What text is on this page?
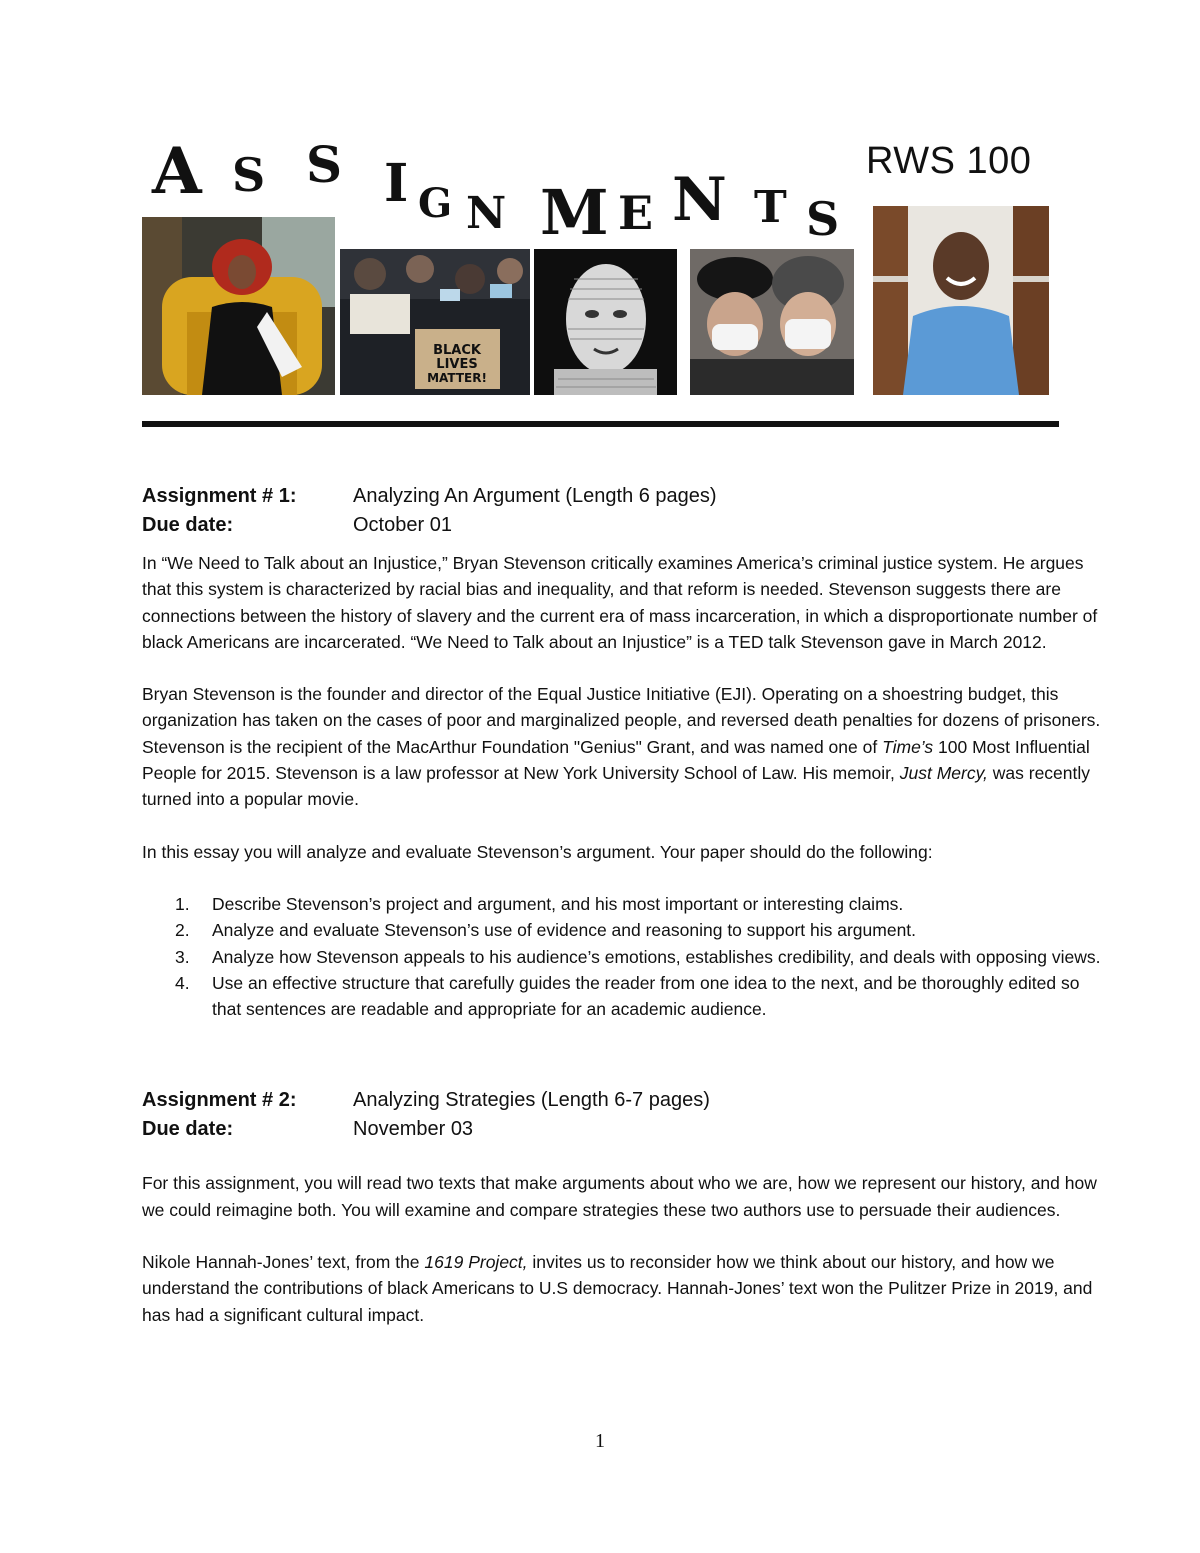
A S S I G N M E N T S
RWS 100
BLACK
LIVES
MATTER!
Assignment # 1:	Analyzing An Argument (Length 6 pages)
Due date:	October 01

In “We Need to Talk about an Injustice,” Bryan Stevenson critically examines America’s criminal justice system. He argues that this system is characterized by racial bias and inequality, and that reform is needed. Stevenson suggests there are connections between the history of slavery and the current era of mass incarceration, in which a disproportionate number of black Americans are incarcerated. “We Need to Talk about an Injustice” is a TED talk Stevenson gave in March 2012.

Bryan Stevenson is the founder and director of the Equal Justice Initiative (EJI). Operating on a shoestring budget, this organization has taken on the cases of poor and marginalized people, and reversed death penalties for dozens of prisoners. Stevenson is the recipient of the MacArthur Foundation "Genius" Grant, and was named one of Time’s 100 Most Influential People for 2015. Stevenson is a law professor at New York University School of Law. His memoir, Just Mercy, was recently turned into a popular movie.

In this essay you will analyze and evaluate Stevenson’s argument. Your paper should do the following:

1.	Describe Stevenson’s project and argument, and his most important or interesting claims.
2.	Analyze and evaluate Stevenson’s use of evidence and reasoning to support his argument.
3.	Analyze how Stevenson appeals to his audience’s emotions, establishes credibility, and deals with opposing views.
4.	Use an effective structure that carefully guides the reader from one idea to the next, and be thoroughly edited so that sentences are readable and appropriate for an academic audience.
Assignment # 2:	Analyzing Strategies (Length 6-7 pages)
Due date:	November 03

For this assignment, you will read two texts that make arguments about who we are, how we represent our history, and how we could reimagine both. You will examine and compare strategies these two authors use to persuade their audiences.

Nikole Hannah-Jones’ text, from the 1619 Project, invites us to reconsider how we think about our history, and how we understand the contributions of black Americans to U.S democracy. Hannah-Jones’ text won the Pulitzer Prize in 2019, and has had a significant cultural impact.

1
